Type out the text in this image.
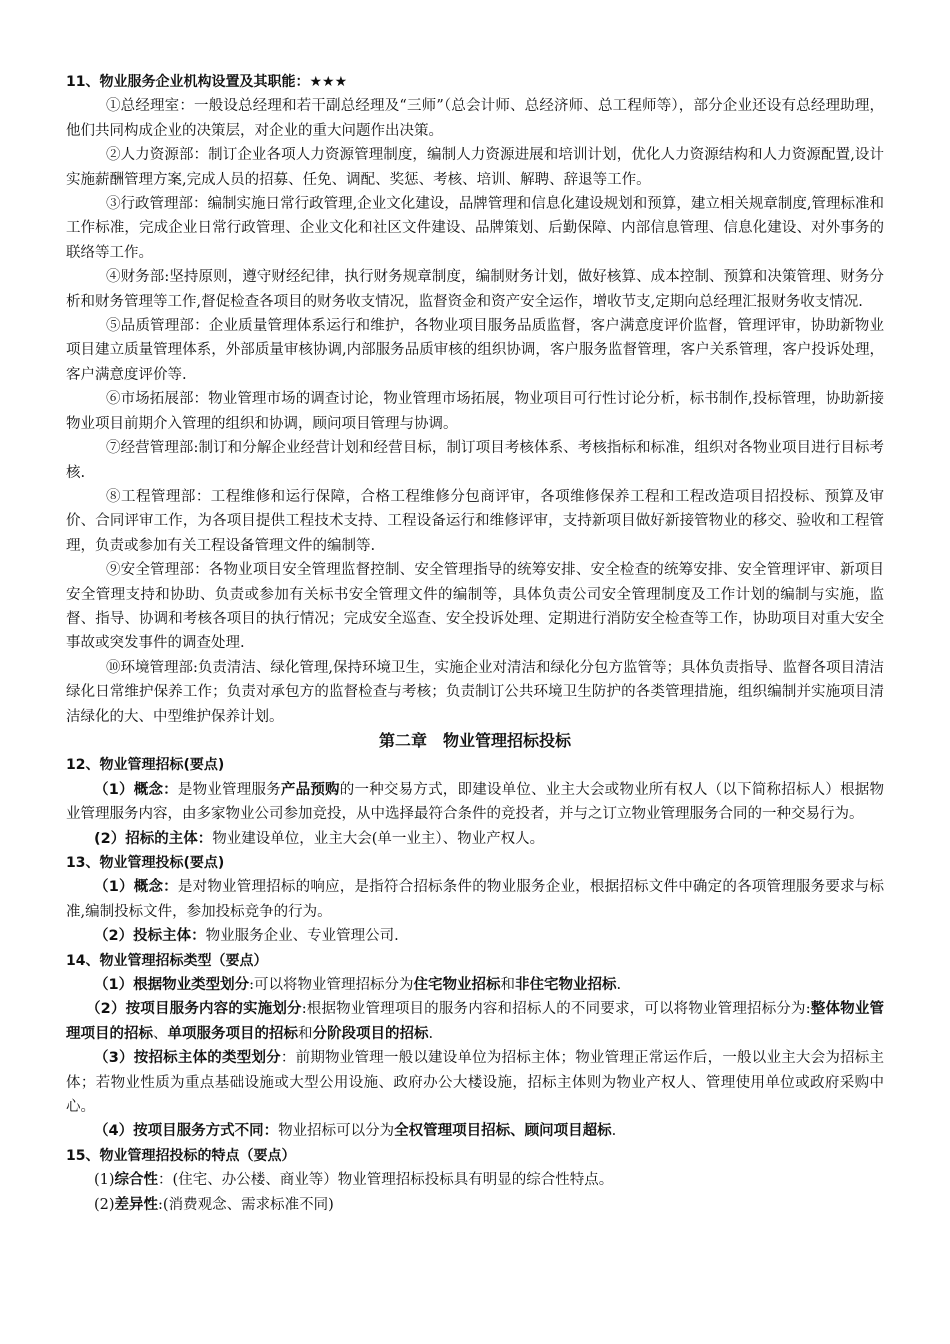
11、物业服务企业机构设置及其职能：★★★

①总经理室：一般设总经理和若干副总经理及“三师”（总会计师、总经济师、总工程师等），部分企业还设有总经理助理，他们共同构成企业的决策层，对企业的重大问题作出决策。

②人力资源部：制订企业各项人力资源管理制度，编制人力资源进展和培训计划，优化人力资源结构和人力资源配置,设计实施薪酬管理方案,完成人员的招募、任免、调配、奖惩、考核、培训、解聘、辞退等工作。

③行政管理部：编制实施日常行政管理,企业文化建设，品牌管理和信息化建设规划和预算，建立相关规章制度,管理标准和工作标准，完成企业日常行政管理、企业文化和社区文件建设、品牌策划、后勤保障、内部信息管理、信息化建设、对外事务的联络等工作。

④财务部:坚持原则，遵守财经纪律，执行财务规章制度，编制财务计划，做好核算、成本控制、预算和决策管理、财务分析和财务管理等工作,督促检查各项目的财务收支情况，监督资金和资产安全运作，增收节支,定期向总经理汇报财务收支情况.

⑤品质管理部：企业质量管理体系运行和维护，各物业项目服务品质监督，客户满意度评价监督，管理评审，协助新物业项目建立质量管理体系，外部质量审核协调,内部服务品质审核的组织协调，客户服务监督管理，客户关系管理，客户投诉处理，客户满意度评价等.

⑥市场拓展部：物业管理市场的调查讨论，物业管理市场拓展，物业项目可行性讨论分析，标书制作,投标管理，协助新接物业项目前期介入管理的组织和协调，顾问项目管理与协调。

⑦经营管理部:制订和分解企业经营计划和经营目标，制订项目考核体系、考核指标和标准，组织对各物业项目进行目标考核.

⑧工程管理部：工程维修和运行保障，合格工程维修分包商评审，各项维修保养工程和工程改造项目招投标、预算及审价、合同评审工作，为各项目提供工程技术支持、工程设备运行和维修评审，支持新项目做好新接管物业的移交、验收和工程管理，负责或参加有关工程设备管理文件的编制等.

⑨安全管理部：各物业项目安全管理监督控制、安全管理指导的统筹安排、安全检查的统筹安排、安全管理评审、新项目安全管理支持和协助、负责或参加有关标书安全管理文件的编制等，具体负责公司安全管理制度及工作计划的编制与实施，监督、指导、协调和考核各项目的执行情况；完成安全巡查、安全投诉处理、定期进行消防安全检查等工作，协助项目对重大安全事故或突发事件的调查处理.

⑩环境管理部:负责清洁、绿化管理,保持环境卫生，实施企业对清洁和绿化分包方监管等；具体负责指导、监督各项目清洁绿化日常维护保养工作；负责对承包方的监督检查与考核；负责制订公共环境卫生防护的各类管理措施，组织编制并实施项目清洁绿化的大、中型维护保养计划。

第二章　物业管理招标投标

12、物业管理招标(要点)

（1）概念：是物业管理服务产品预购的一种交易方式，即建设单位、业主大会或物业所有权人（以下简称招标人）根据物业管理服务内容，由多家物业公司参加竞投，从中选择最符合条件的竞投者，并与之订立物业管理服务合同的一种交易行为。

(2）招标的主体：物业建设单位，业主大会(单一业主）、物业产权人。

13、物业管理投标(要点)

（1）概念：是对物业管理招标的响应，是指符合招标条件的物业服务企业，根据招标文件中确定的各项管理服务要求与标准,编制投标文件，参加投标竞争的行为。

（2）投标主体：物业服务企业、专业管理公司.

14、物业管理招标类型（要点）

（1）根据物业类型划分:可以将物业管理招标分为住宅物业招标和非住宅物业招标.

（2）按项目服务内容的实施划分:根据物业管理项目的服务内容和招标人的不同要求，可以将物业管理招标分为:整体物业管理项目的招标、单项服务项目的招标和分阶段项目的招标.

（3）按招标主体的类型划分：前期物业管理一般以建设单位为招标主体；物业管理正常运作后，一般以业主大会为招标主体；若物业性质为重点基础设施或大型公用设施、政府办公大楼设施，招标主体则为物业产权人、管理使用单位或政府采购中心。

（4）按项目服务方式不同：物业招标可以分为全权管理项目招标、顾问项目超标.

15、物业管理招投标的特点（要点）

(1)综合性：(住宅、办公楼、商业等）物业管理招标投标具有明显的综合性特点。

(2)差异性:(消费观念、需求标准不同)
